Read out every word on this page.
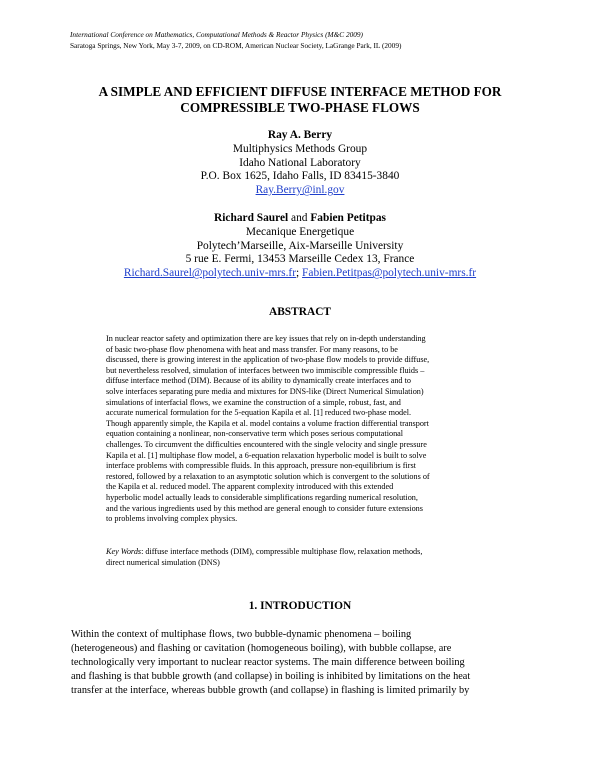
International Conference on Mathematics, Computational Methods & Reactor Physics (M&C 2009)
Saratoga Springs, New York, May 3-7, 2009, on CD-ROM, American Nuclear Society, LaGrange Park, IL (2009)
A SIMPLE AND EFFICIENT DIFFUSE INTERFACE METHOD FOR
COMPRESSIBLE TWO-PHASE FLOWS
Ray A. Berry
Multiphysics Methods Group
Idaho National Laboratory
P.O. Box 1625, Idaho Falls, ID 83415-3840
Ray.Berry@inl.gov
Richard Saurel and Fabien Petitpas
Mecanique Energetique
Polytech’Marseille, Aix-Marseille University
5 rue E. Fermi, 13453 Marseille Cedex 13, France
Richard.Saurel@polytech.univ-mrs.fr; Fabien.Petitpas@polytech.univ-mrs.fr
ABSTRACT

In nuclear reactor safety and optimization there are key issues that rely on in-depth understanding

of basic two-phase flow phenomena with heat and mass transfer. For many reasons, to be

discussed, there is growing interest in the application of two-phase flow models to provide diffuse,

but nevertheless resolved, simulation of interfaces between two immiscible compressible fluids –

diffuse interface method (DIM). Because of its ability to dynamically create interfaces and to

solve interfaces separating pure media and mixtures for DNS-like (Direct Numerical Simulation)

simulations of interfacial flows, we examine the construction of a simple, robust, fast, and

accurate numerical formulation for the 5-equation Kapila et al. [1] reduced two-phase model.

Though apparently simple, the Kapila et al. model contains a volume fraction differential transport

equation containing a nonlinear, non-conservative term which poses serious computational

challenges. To circumvent the difficulties encountered with the single velocity and single pressure

Kapila et al. [1] multiphase flow model, a 6-equation relaxation hyperbolic model is built to solve

interface problems with compressible fluids. In this approach, pressure non-equilibrium is first

restored, followed by a relaxation to an asymptotic solution which is convergent to the solutions of

the Kapila et al. reduced model. The apparent complexity introduced with this extended

hyperbolic model actually leads to considerable simplifications regarding numerical resolution,

and the various ingredients used by this method are general enough to consider future extensions

to problems involving complex physics.

Key Words: diffuse interface methods (DIM), compressible multiphase flow, relaxation methods,

direct numerical simulation (DNS)

1. INTRODUCTION

Within the context of multiphase flows, two bubble-dynamic phenomena – boiling

(heterogeneous) and flashing or cavitation (homogeneous boiling), with bubble collapse, are

technologically very important to nuclear reactor systems. The main difference between boiling

and flashing is that bubble growth (and collapse) in boiling is inhibited by limitations on the heat

transfer at the interface, whereas bubble growth (and collapse) in flashing is limited primarily by
